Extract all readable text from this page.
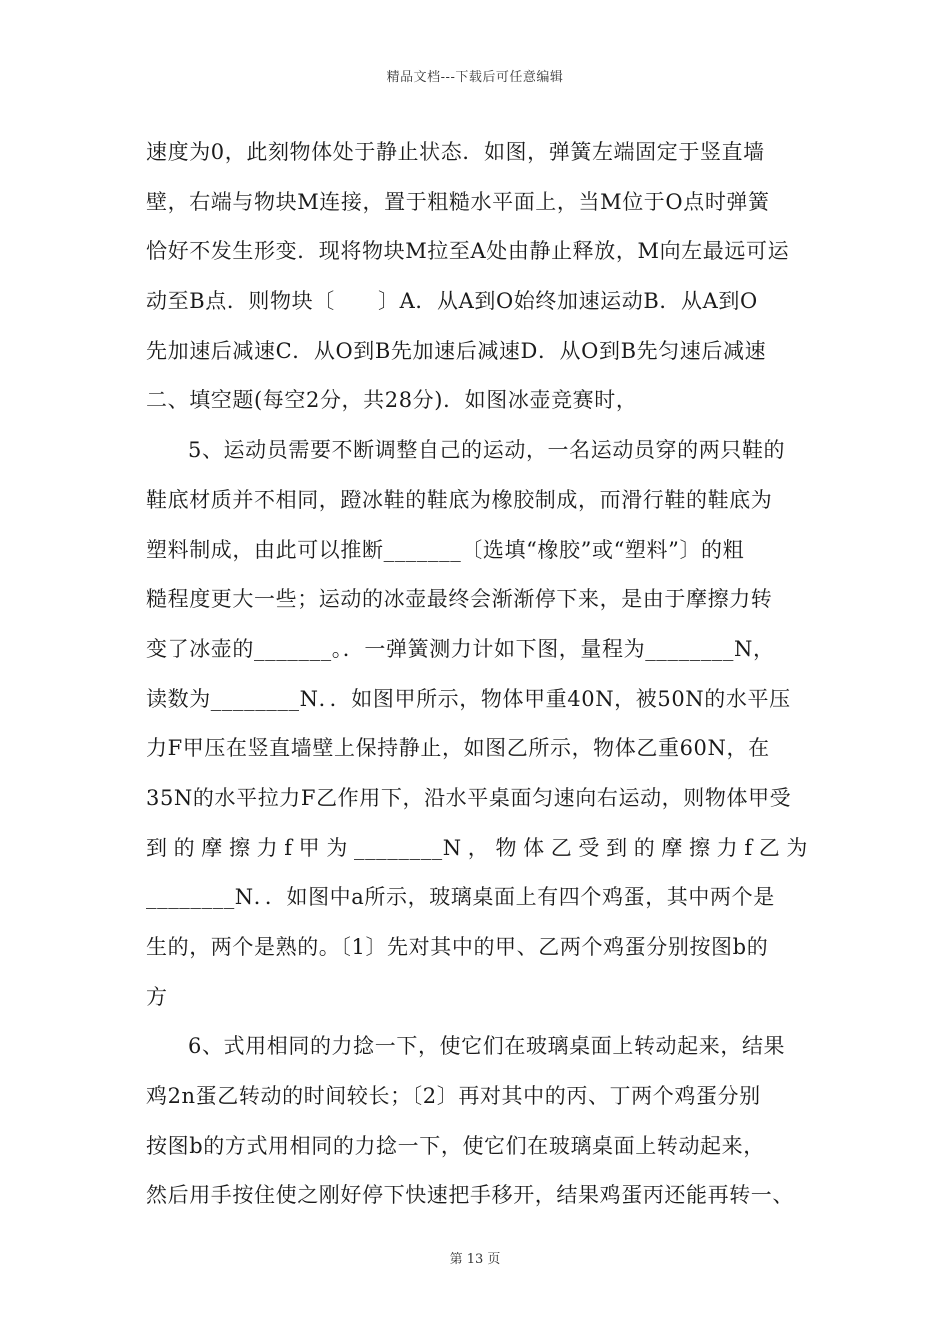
精品文档---下载后可任意编辑
速度为0，此刻物体处于静止状态．如图，弹簧左端固定于竖直墙
壁，右端与物块M连接，置于粗糙水平面上，当M位于O点时弹簧
恰好不发生形变．现将物块M拉至A处由静止释放，M向左最远可运
动至B点．则物块〔　　〕A．从A到O始终加速运动B．从A到O
先加速后减速C．从O到B先加速后减速D．从O到B先匀速后减速
二、填空题(每空2分，共28分)．如图冰壶竞赛时，
5、运动员需要不断调整自己的运动，一名运动员穿的两只鞋的
鞋底材质并不相同，蹬冰鞋的鞋底为橡胶制成，而滑行鞋的鞋底为
塑料制成，由此可以推断_______〔选填“橡胶”或“塑料”〕的粗
糙程度更大一些；运动的冰壶最终会渐渐停下来，是由于摩擦力转
变了冰壶的_______。．一弹簧测力计如下图，量程为________N，
读数为________N．．如图甲所示，物体甲重40N，被50N的水平压
力F甲压在竖直墙壁上保持静止，如图乙所示，物体乙重60N，在
35N的水平拉力F乙作用下，沿水平桌面匀速向右运动，则物体甲受
到的摩擦力f甲为________N，物体乙受到的摩擦力f乙为
________N．．如图中a所示，玻璃桌面上有四个鸡蛋，其中两个是
生的，两个是熟的。〔1〕先对其中的甲、乙两个鸡蛋分别按图b的
方
6、式用相同的力捻一下，使它们在玻璃桌面上转动起来，结果
鸡2n蛋乙转动的时间较长；〔2〕再对其中的丙、丁两个鸡蛋分别
按图b的方式用相同的力捻一下，使它们在玻璃桌面上转动起来，
然后用手按住使之刚好停下快速把手移开，结果鸡蛋丙还能再转一、
第 13 页
